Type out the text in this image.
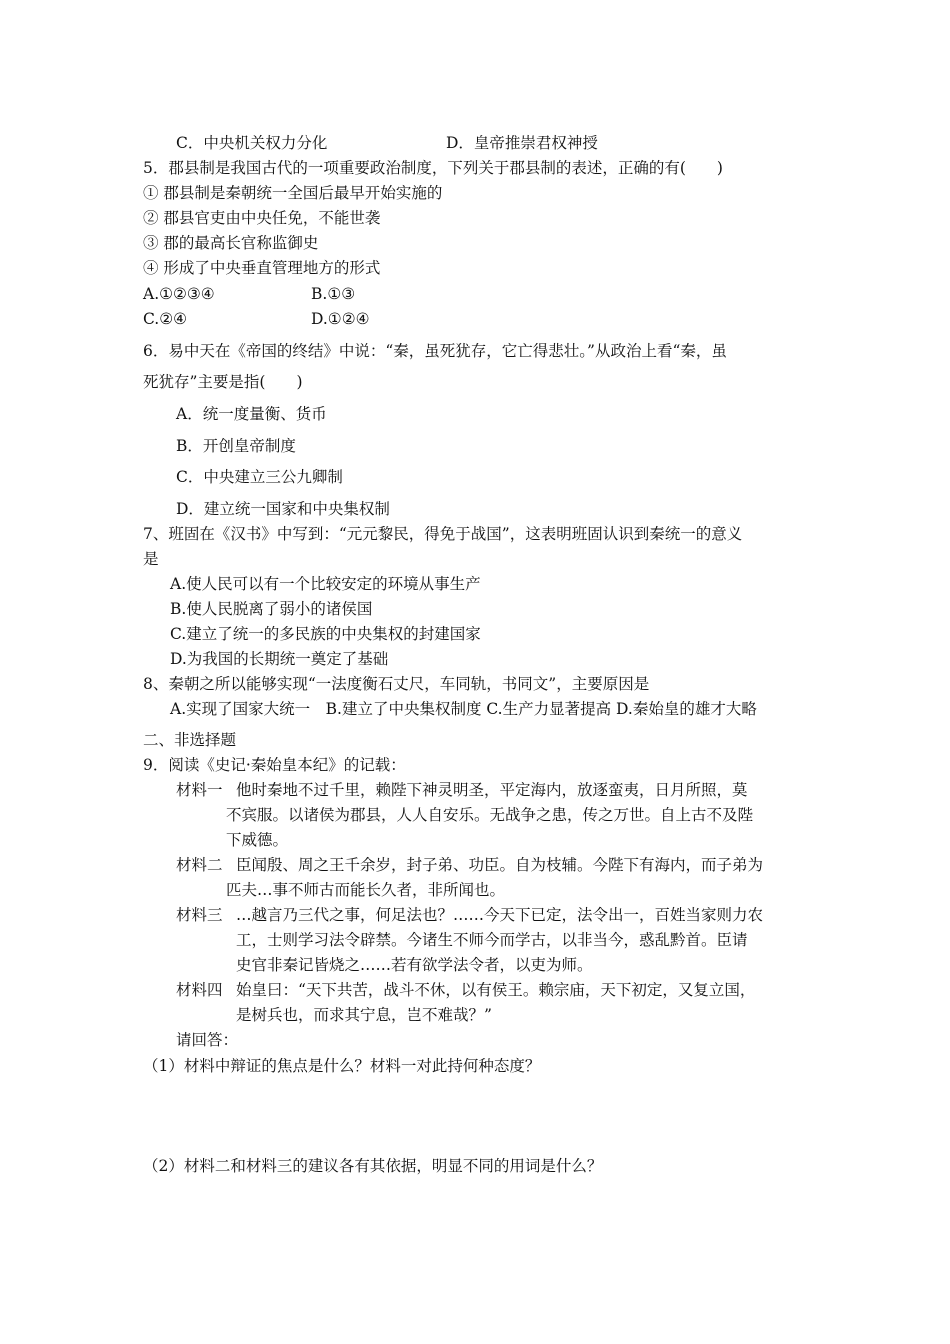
C．中央机关权力分化	D．皇帝推崇君权神授
5．郡县制是我国古代的一项重要政治制度，下列关于郡县制的表述，正确的有(　　)
① 郡县制是秦朝统一全国后最早开始实施的
② 郡县官吏由中央任免，不能世袭
③ 郡的最高长官称监御史
④ 形成了中央垂直管理地方的形式
A.①②③④	B.①③
C.②④	D.①②④
6．易中天在《帝国的终结》中说：“秦，虽死犹存，它亡得悲壮。”从政治上看“秦，虽
死犹存”主要是指(　　)
A．统一度量衡、货币
B．开创皇帝制度
C．中央建立三公九卿制
D．建立统一国家和中央集权制
7、班固在《汉书》中写到：“元元黎民，得免于战国”，这表明班固认识到秦统一的意义
是
A.使人民可以有一个比较安定的环境从事生产
B.使人民脱离了弱小的诸侯国
C.建立了统一的多民族的中央集权的封建国家
D.为我国的长期统一奠定了基础
8、秦朝之所以能够实现“一法度衡石丈尺，车同轨，书同文”，主要原因是
A.实现了国家大统一　B.建立了中央集权制度 C.生产力显著提高 D.秦始皇的雄才大略
二、非选择题
9．阅读《史记·秦始皇本纪》的记载：
材料一 他时秦地不过千里，赖陛下神灵明圣，平定海内，放逐蛮夷，日月所照，莫
不宾服。以诸侯为郡县，人人自安乐。无战争之患，传之万世。自上古不及陛
下威德。
材料二 臣闻殷、周之王千余岁，封子弟、功臣。自为枝辅。今陛下有海内，而子弟为
匹夫…事不师古而能长久者，非所闻也。
材料三 …越言乃三代之事，何足法也？……今天下已定，法令出一，百姓当家则力农
工，士则学习法令辟禁。今诸生不师今而学古，以非当今，惑乱黔首。臣请
史官非秦记皆烧之……若有欲学法令者，以吏为师。
材料四 始皇曰：“天下共苦，战斗不休，以有侯王。赖宗庙，天下初定，又复立国，
是树兵也，而求其宁息，岂不难哉？”
请回答：
（1）材料中辩证的焦点是什么？材料一对此持何种态度？
（2）材料二和材料三的建议各有其依据，明显不同的用词是什么？
